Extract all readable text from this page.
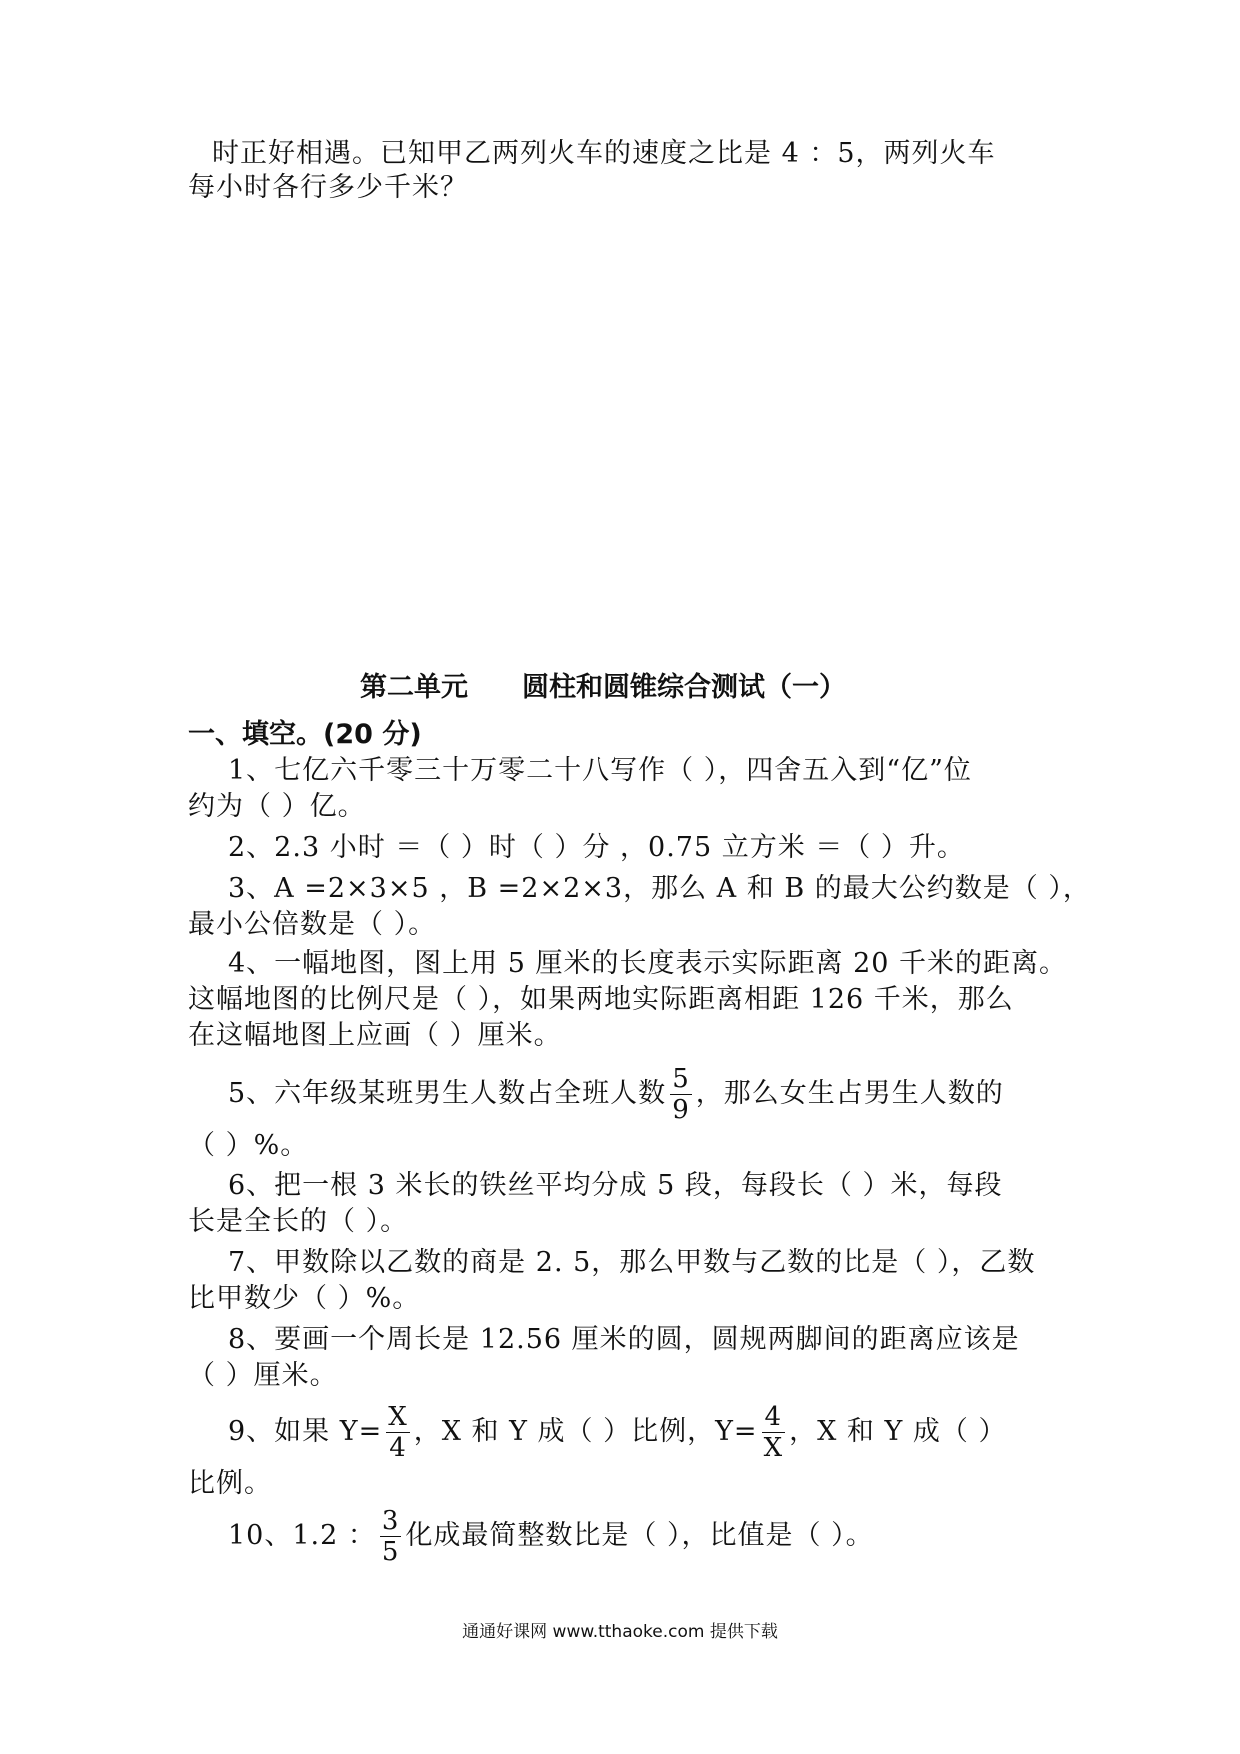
时正好相遇。已知甲乙两列火车的速度之比是 4 ：5，两列火车
每小时各行多少千米？
第二单元 圆柱和圆锥综合测试（一）
一、填空。(20 分)
1、七亿六千零三十万零二十八写作（ ），四舍五入到“亿”位
约为（ ）亿。
2、2.3 小时 ＝（ ）时（ ）分 ，0.75 立方米 ＝（ ）升。
3、A =2×3×5 ，B =2×2×3，那么 A 和 B 的最大公约数是（ ），
最小公倍数是（ ）。
4、一幅地图，图上用 5 厘米的长度表示实际距离 20 千米的距离。
这幅地图的比例尺是（ ），如果两地实际距离相距 126 千米，那么
在这幅地图上应画（ ）厘米。
5、六年级某班男生人数占全班人数 $\frac{5}{9}$ ，那么女生占男生人数的
（ ）%。
6、把一根 3 米长的铁丝平均分成 5 段，每段长（ ）米，每段
长是全长的（ ）。
7、甲数除以乙数的商是 2. 5，那么甲数与乙数的比是（ ），乙数
比甲数少（ ）%。
8、要画一个周长是 12.56 厘米的圆，圆规两脚间的距离应该是
（ ）厘米。
9、如果 $Y= \frac{X}{4}$ ，X 和 Y 成（ ）比例，$Y= \frac{4}{X}$ ，X 和 Y 成（ ）
比例。
10、1.2 ： $\frac{3}{5}$ 化成最简整数比是（ ），比值是（ ）。
通通好课网 www.tthaoke.com 提供下载
